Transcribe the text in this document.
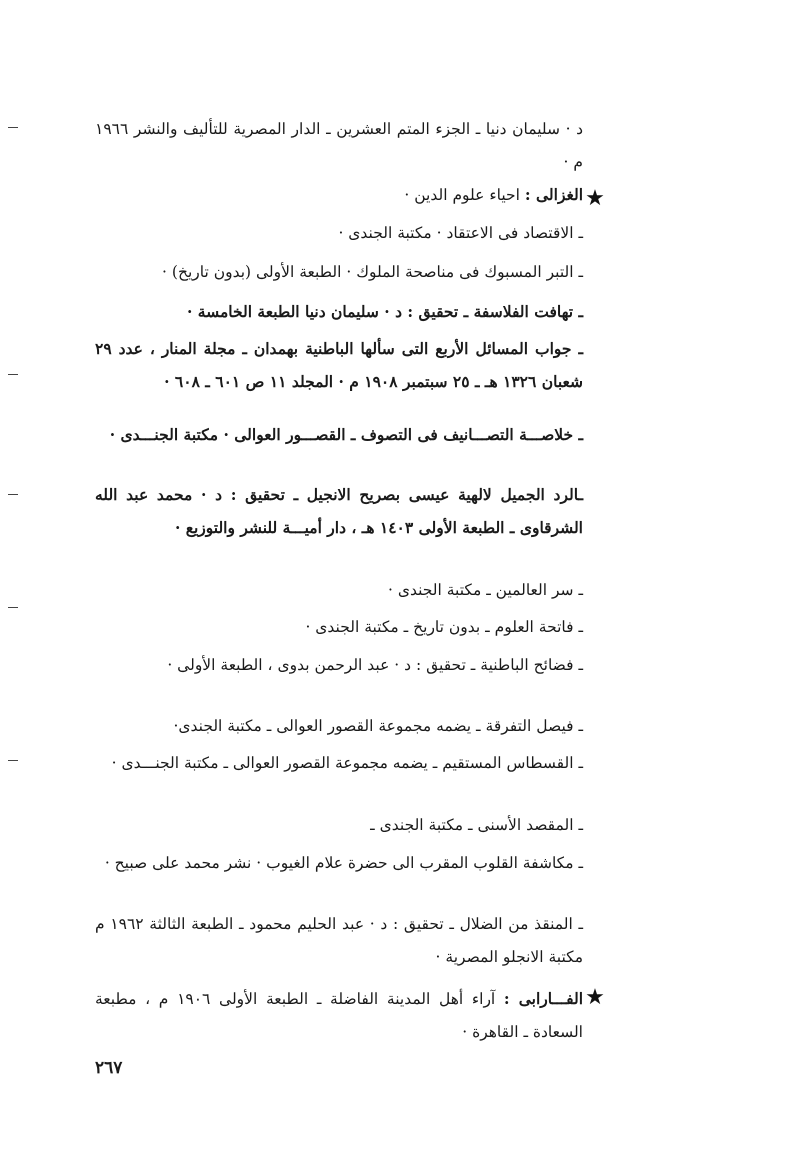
د · سليمان دنيا ـ الجزء المتم العشرين ـ الدار المصرية للتأليف والنشر ١٩٦٦ م ·
★
الغزالى : احياء علوم الدين ·
ـ الاقتصاد فى الاعتقاد · مكتبة الجندى ·
ـ التبر المسبوك فى مناصحة الملوك · الطبعة الأولى (بدون تاريخ) ·
ـ تهافت الفلاسفة ـ تحقيق : د · سليمان دنيا الطبعة الخامسة ·
ـ جواب المسائل الأربع التى سألها الباطنية بهمدان ـ مجلة المنار ، عدد ٢٩ شعبان ١٣٢٦ هـ ـ ٢٥ سبتمبر ١٩٠٨ م · المجلد ١١ ص ٦٠١ ـ ٦٠٨ ·
ـ خلاصـــة التصـــانيف فى التصوف ـ القصـــور العوالى · مكتبة الجنـــدى ·
ـالرد الجميل لالهية عيسى بصريح الانجيل ـ تحقيق : د · محمد عبد الله الشرقاوى ـ الطبعة الأولى ١٤٠٣ هـ ، دار أميـــة للنشر والتوزيع ·
ـ سر العالمين ـ مكتبة الجندى ·
ـ فاتحة العلوم ـ بدون تاريخ ـ مكتبة الجندى ·
ـ فضائح الباطنية ـ تحقيق : د · عبد الرحمن بدوى ، الطبعة الأولى ·
ـ فيصل التفرقة ـ يضمه مجموعة القصور العوالى ـ مكتبة الجندى·
ـ القسطاس المستقيم ـ يضمه مجموعة القصور العوالى ـ مكتبة الجنـــدى ·
ـ المقصد الأسنى ـ مكتبة الجندى ـ
ـ مكاشفة القلوب المقرب الى حضرة علام الغيوب · نشر محمد على صبيح ·
ـ المنقذ من الضلال ـ تحقيق : د · عبد الحليم محمود ـ الطبعة الثالثة ١٩٦٢ م مكتبة الانجلو المصرية ·
★
الفـــارابى : آراء أهل المدينة الفاضلة ـ الطبعة الأولى ١٩٠٦ م ، مطبعة السعادة ـ القاهرة ·
٢٦٧
